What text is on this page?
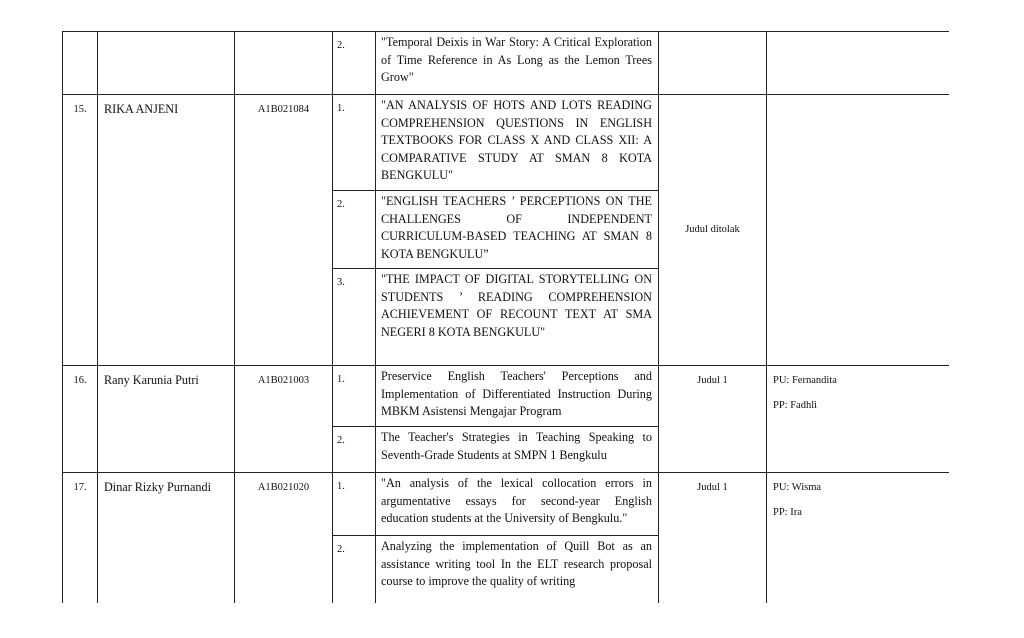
			2.	"Temporal Deixis in War Story: A Critical Exploration of Time Reference in As Long as the Lemon Trees Grow"		
15.	RIKA ANJENI	A1B021084	1.	"AN ANALYSIS OF HOTS AND LOTS READING COMPREHENSION QUESTIONS IN ENGLISH TEXTBOOKS FOR CLASS X AND CLASS XII: A COMPARATIVE STUDY AT SMAN 8 KOTA BENGKULU"	Judul ditolak	
			2.	"ENGLISH TEACHERS ’ PERCEPTIONS ON THE CHALLENGES OF INDEPENDENT CURRICULUM-BASED TEACHING AT SMAN 8 KOTA BENGKULU”		
			3.	"THE IMPACT OF DIGITAL STORYTELLING ON STUDENTS ’ READING COMPREHENSION ACHIEVEMENT OF RECOUNT TEXT AT SMA NEGERI 8 KOTA BENGKULU"		
16.	Rany Karunia Putri	A1B021003	1.	Preservice English Teachers' Perceptions and Implementation of Differentiated Instruction During MBKM Asistensi Mengajar Program	Judul 1	PU: Fernandita
PP: Fadhli

			2.	The Teacher's Strategies in Teaching Speaking to Seventh-Grade Students at SMPN 1 Bengkulu		
17.	Dinar Rizky Purnandi	A1B021020	1.	"An analysis of the lexical collocation errors in argumentative essays for second-year English education students at the University of Bengkulu."	Judul 1	PU: Wisma
PP: Ira

			2.	Analyzing the implementation of Quill Bot as an assistance writing tool In the ELT research proposal course to improve the quality of writing		
